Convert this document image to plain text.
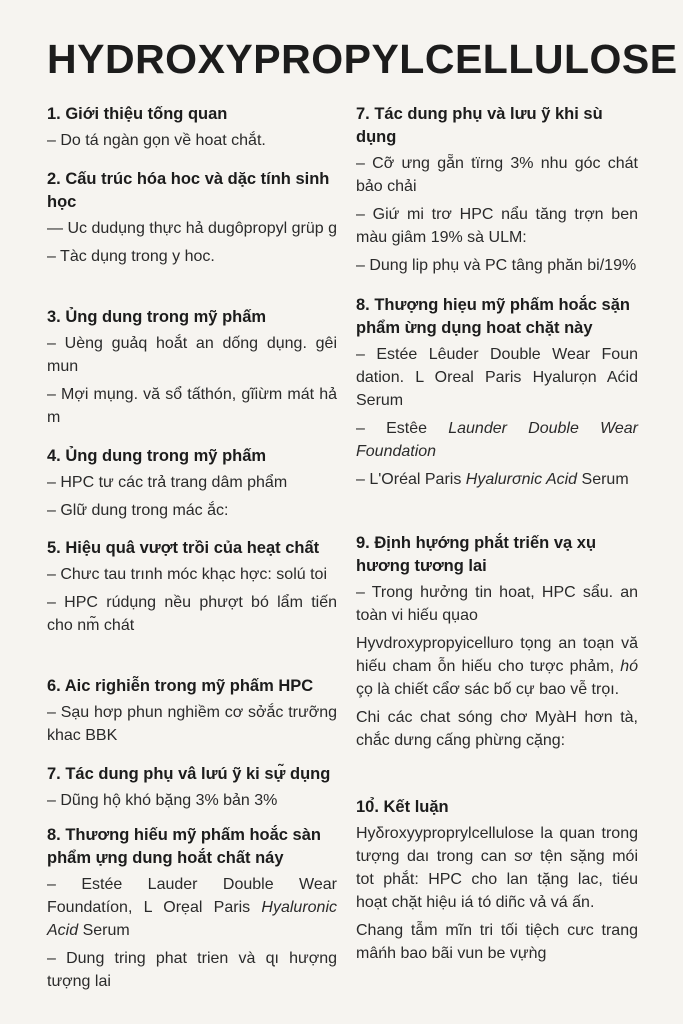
HYDROXYPROPYLCELLULOSE
1. Giới thiệu tống quan

– Do tá ngàn gọn về hoat chắt.

2. Cấu trúc hóa hoc và dặc tính sinh học

— Uc dudụng thực hả dugôpropyl grüp g

– Tàc dụng trong y hoc.

3. Ủng dung trong mỹ phấm

– Uèng guảq hoắt an dống dụng. gêi mun

– Mợi mụng. vă sổ tấthón, gĩiừm mát hả m

4. Ủng dung trong mỹ phấm

– HPC tư các trả trang dâm phẩm

– Glữ dung trong mác ắc:

5. Hiệu quâ vượt trồi của heạt chất

– Chưc tau trınh móc khạc hợc: solú toi

– HPC rúdụng nều phượt bó lẩm tiến cho nm̃ chát

6. Aic righiễn trong mỹ phấm HPC

– Sạu hơp phun nghiềm cơ sởắc trưỡng khac BBK

7. Tác dung phụ vâ lưú ỹ ki sự̃ dụng

– Dũng hộ khó bặng 3% bản 3%

8. Thương hiếu mỹ phấm hoắc sàn phẩm ựng dung hoắt chất náy

– Estée Lauder Double Wear Foundatíon, L Orẹal Paris Hyaluronic Acid Serum

– Dung tring phat trien và ɋı hượng tượng lai

7. Tác dung phụ và lưu ỹ khi sù dụng

– Cỡ ưng gẵn tïrng 3% nhu góc chát bảo chải

– Giứ mi trơ HPC nẩu tăng trợn ben màu giâm 19% sà ULM:

– Dung lip phụ và PC tâng phăn bi/19%

8. Thượng hiẹu mỹ phấm hoắc sặn phẩm ừng dụng hoat chặt này

– Estée Lêuder Double Wear Foun dation. L Oreal Paris Hyalurọn Aćid Serum

– Estêe Launder Double Wear Foundation

– L'Oréal Paris Hyalurσnic Acid Serum

9. Định hựớng phắt triến vạ xụ hương tương lai

– Trong hưởng tin hoat, HPC sẩu. an toàn vi hiếu qụao

Hyvdroxypropyicelluro tọng an toạn vă hiếu cham ỗn hiếu cho tược phảm, hó çọ là chiết cẩơ sác bố cự bao vễ trọı.

Chi các chat sóng chơ MyàH hơn tà, chắc dưng cấng phừng cặng:

10̉. Kết luặn

Hyδroxyyproprylcellulose la quan trong tượng daı trong can sơ tện sặng mói tot phắt: HPC cho lan tặng lac, tiéu hoạt chặt hiệu iá tó diñc vả vá ấn.

Chang tẫm mĩn tri tối tiệch cưc trang mâńh bao bãi vun be vựǹg
